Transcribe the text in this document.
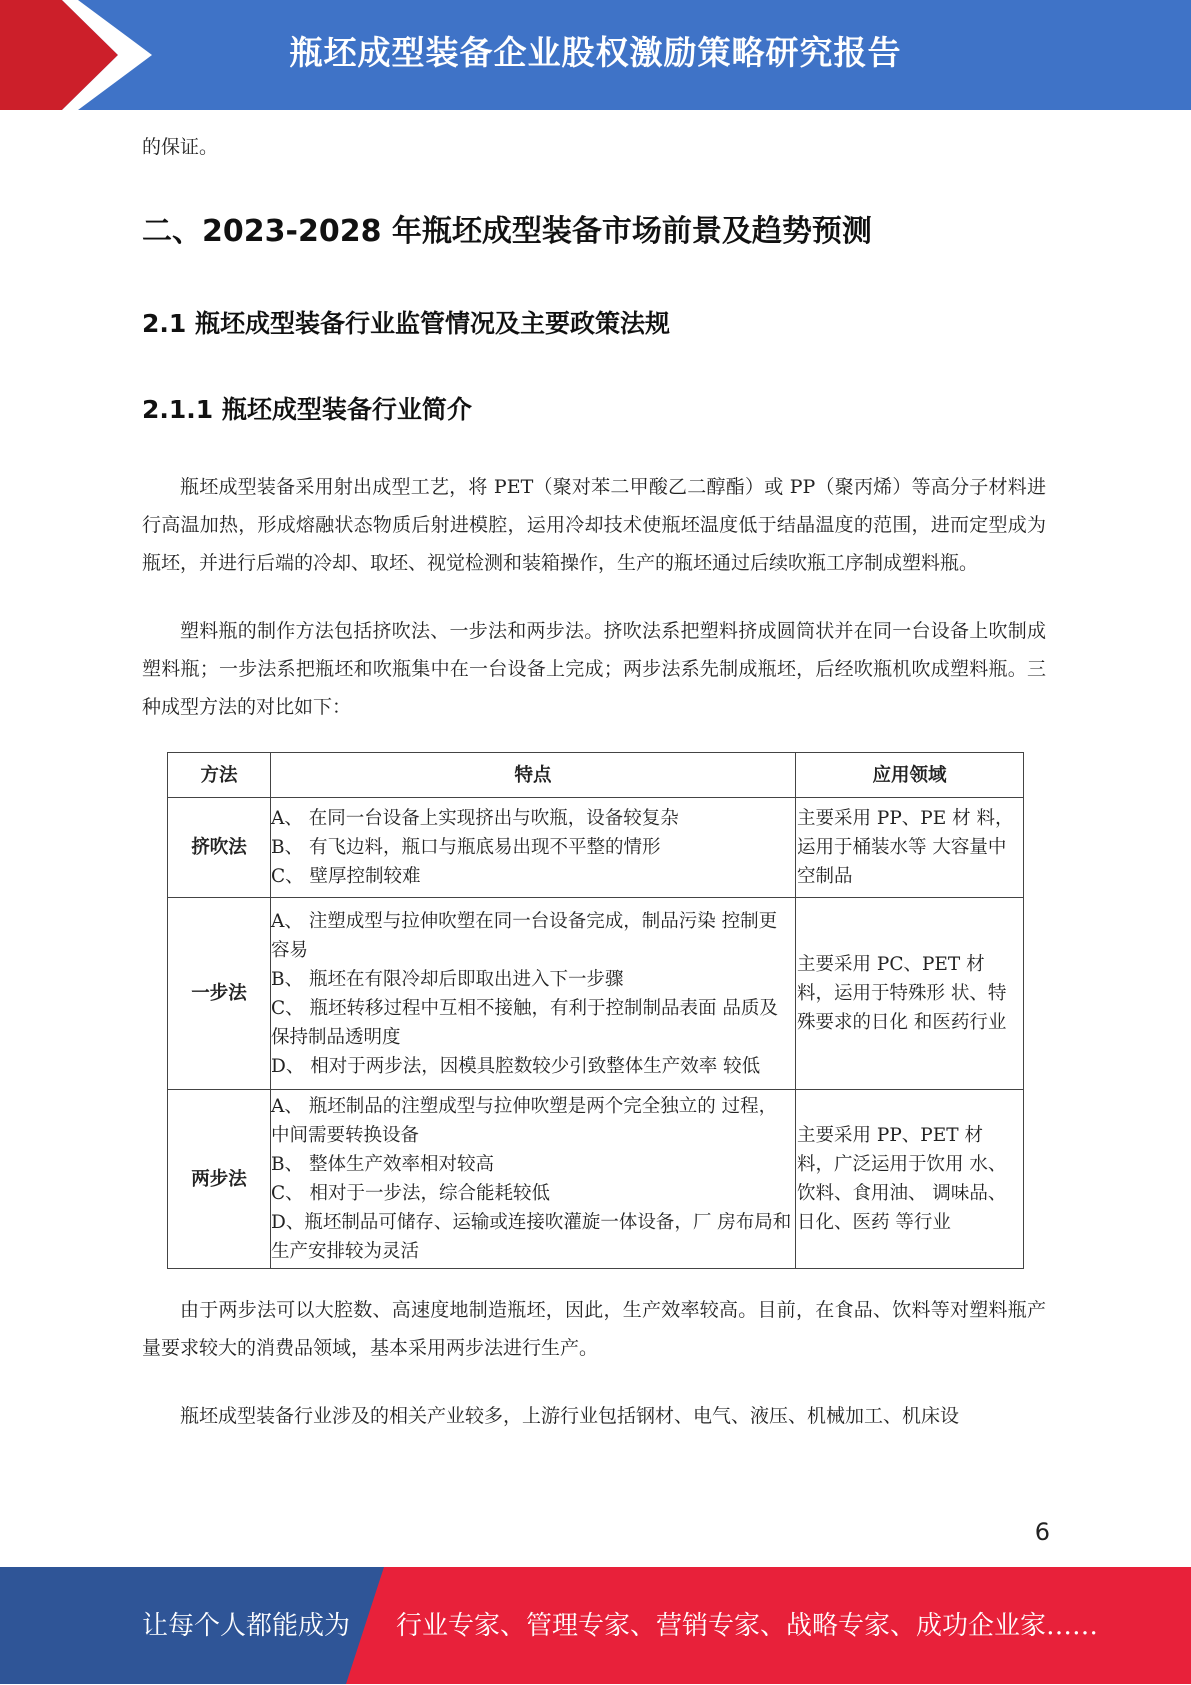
瓶坯成型装备企业股权激励策略研究报告

的保证。

二、2023-2028 年瓶坯成型装备市场前景及趋势预测
2.1 瓶坯成型装备行业监管情况及主要政策法规
2.1.1 瓶坯成型装备行业简介

瓶坯成型装备采用射出成型工艺，将 PET（聚对苯二甲酸乙二醇酯）或 PP（聚丙烯）等高分子材料进行高温加热，形成熔融状态物质后射进模腔，运用冷却技术使瓶坯温度低于结晶温度的范围，进而定型成为瓶坯，并进行后端的冷却、取坯、视觉检测和装箱操作，生产的瓶坯通过后续吹瓶工序制成塑料瓶。

塑料瓶的制作方法包括挤吹法、一步法和两步法。挤吹法系把塑料挤成圆筒状并在同一台设备上吹制成塑料瓶；一步法系把瓶坯和吹瓶集中在一台设备上完成；两步法系先制成瓶坯，后经吹瓶机吹成塑料瓶。三种成型方法的对比如下：

方法	特点	应用领域
挤吹法	A、 在同一台设备上实现挤出与吹瓶，设备较复杂
B、 有飞边料，瓶口与瓶底易出现不平整的情形
C、 壁厚控制较难	主要采用 PP、PE 材 料，运用于桶装水等 大容量中空制品
一步法	A、 注塑成型与拉伸吹塑在同一台设备完成，制品污染 控制更容易
B、 瓶坯在有限冷却后即取出进入下一步骤
C、 瓶坯转移过程中互相不接触，有利于控制制品表面 品质及保持制品透明度
D、 相对于两步法，因模具腔数较少引致整体生产效率 较低	主要采用 PC、PET 材 料，运用于特殊形 状、特殊要求的日化 和医药行业
两步法	A、 瓶坯制品的注塑成型与拉伸吹塑是两个完全独立的 过程，中间需要转换设备
B、 整体生产效率相对较高
C、 相对于一步法，综合能耗较低
D、瓶坯制品可储存、运输或连接吹灌旋一体设备，厂 房布局和生产安排较为灵活	主要采用 PP、PET 材 料，广泛运用于饮用 水、饮料、食用油、 调味品、日化、医药 等行业

由于两步法可以大腔数、高速度地制造瓶坯，因此，生产效率较高。目前，在食品、饮料等对塑料瓶产量要求较大的消费品领域，基本采用两步法进行生产。

瓶坯成型装备行业涉及的相关产业较多，上游行业包括钢材、电气、液压、机械加工、机床设

6
让每个人都能成为 行业专家、管理专家、营销专家、战略专家、成功企业家……
